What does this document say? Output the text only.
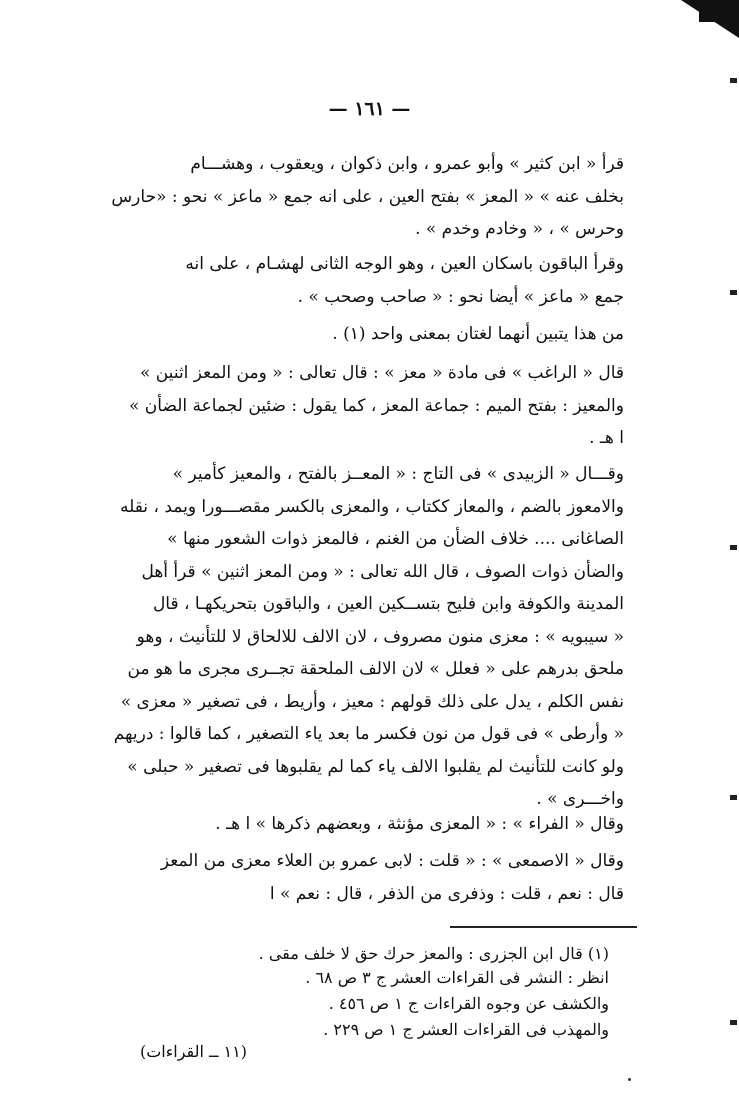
— ١٦١ —
قرأ « ابن كثير » وأبو عمرو ، وابن ذكوان ، ويعقوب ، وهشـــام
بخلف عنه » « المعز » بفتح العين ، على انه جمع « ماعز » نحو : «حارس
وحرس » ، « وخادم وخدم » .
وقرأ الباقون باسكان العين ، وهو الوجه الثانى لهشـام ، على انه
جمع « ماعز » أيضا نحو : « صاحب وصحب » .
من هذا يتبين أنهما لغتان بمعنى واحد (١) .
قال « الراغب » فى مادة « معز » : قال تعالى : « ومن المعز اثنين »
والمعيز : بفتح الميم : جماعة المعز ، كما يقول : ضئين لجماعة الضأن »
ا هـ .
وقـــال « الزبيدى » فى التاج : « المعــز بالفتح ، والمعيز كأمير »
والامعوز بالضم ، والمعاز ككتاب ، والمعزى بالكسر مقصـــورا ويمد ، نقله
الصاغانى .... خلاف الضأن من الغنم ، فالمعز ذوات الشعور منها »
والضأن ذوات الصوف ، قال الله تعالى : « ومن المعز اثنين » قرأ أهل
المدينة والكوفة وابن فليح بتســكين العين ، والباقون بتحريكهـا ، قال
« سيبويه » : معزى منون مصروف ، لان الالف للالحاق لا للتأنيث ، وهو
ملحق بدرهم على « فعلل » لان الالف الملحقة تجــرى مجرى ما هو من
نفس الكلم ، يدل على ذلك قولهم : معيز ، وأريط ، فى تصغير « معزى »
« وأرطى » فى قول من نون فكسر ما بعد ياء التصغير ، كما قالوا : دريهم
ولو كانت للتأنيث لم يقلبوا الالف ياء كما لم يقلبوها فى تصغير « حبلى »
واخـــرى » .
وقال « الفراء » : « المعزى مؤنثة ، وبعضهم ذكرها » ا هـ .
وقال « الاصمعى » : « قلت : لابى عمرو بن العلاء معزى من المعز
قال : نعم ، قلت : وذفرى من الذفر ، قال : نعم » ا
(١) قال ابن الجزرى : والمعز حرك حق لا خلف مقى .
انظر : النشر فى القراءات العشر ج ٣ ص ٦٨ .
والكشف عن وجوه القراءات ج ١ ص ٤٥٦ .
والمهذب فى القراءات العشر ج ١ ص ٢٢٩ .
(١١ ــ القراءات)
